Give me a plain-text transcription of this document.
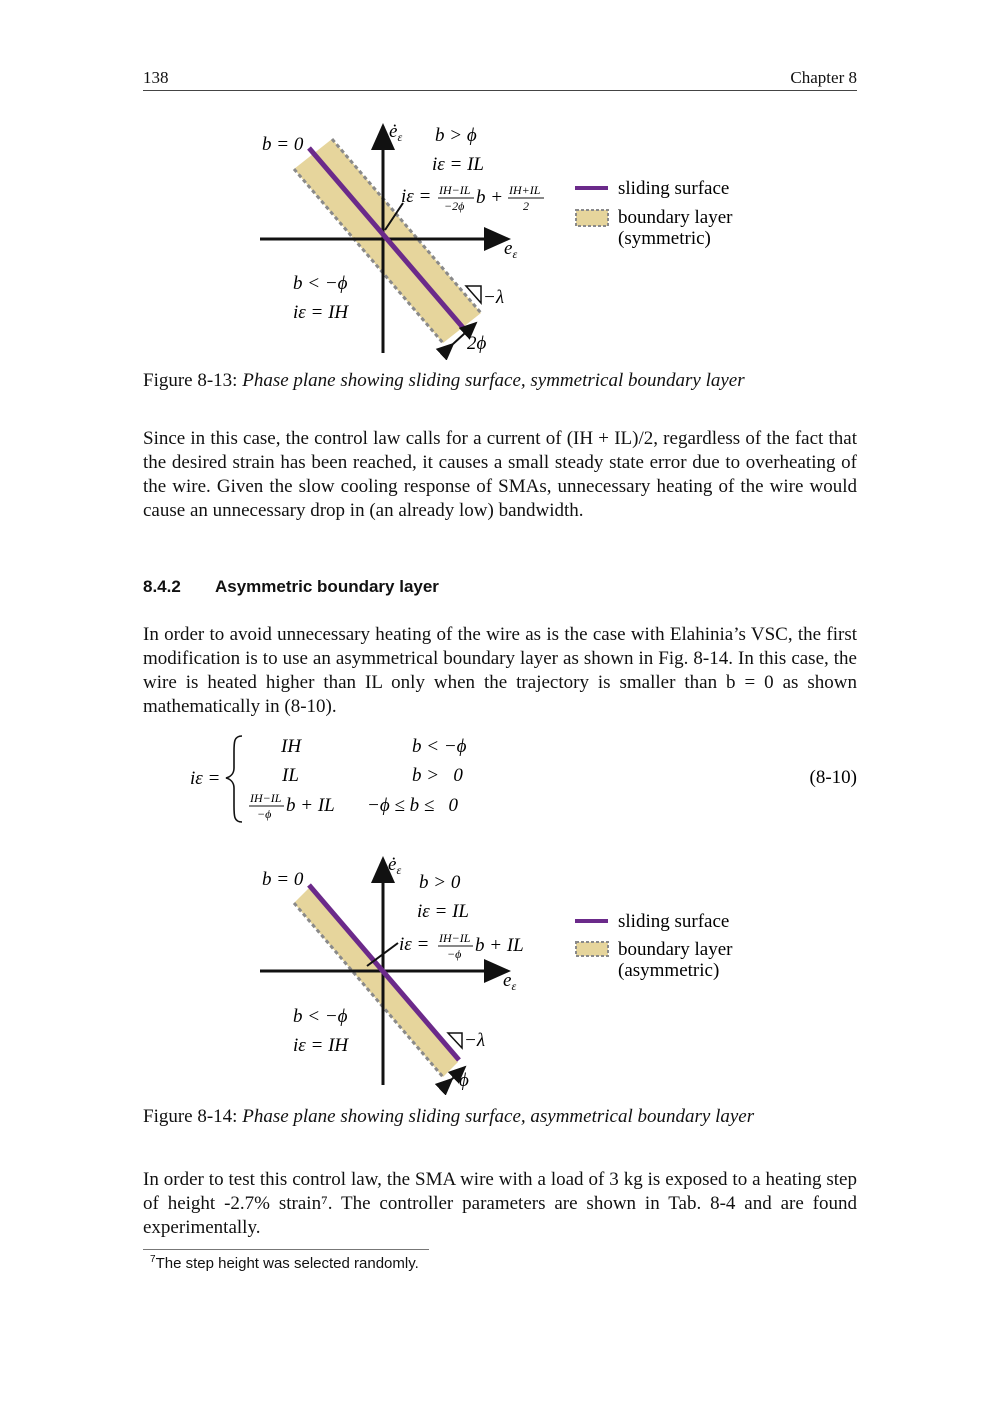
138	Chapter 8
b = 0
$ė_\varepsilon$
$e_\varepsilon$
b > ϕ
iε = IL
iε = IH−IL
−2ϕ b + IH+IL
2
b < −ϕ
iε = IH
−λ
2ϕ
sliding surface
boundary layer
(symmetric)
Figure 8-13: Phase plane showing sliding surface, symmetrical boundary layer

Since in this case, the control law calls for a current of (IH + IL)/2, regardless of the fact that the desired strain has been reached, it causes a small steady state error due to overheating of the wire. Given the slow cooling response of SMAs, unnecessary heating of the wire would cause an unnecessary drop in (an already low) bandwidth.

8.4.2 Asymmetric boundary layer

In order to avoid unnecessary heating of the wire as is the case with Elahinia’s VSC, the first modification is to use an asymmetrical boundary layer as shown in Fig. 8-14. In this case, the wire is heated higher than IL only when the trajectory is smaller than b = 0 as shown mathematically in (8-10).

iε =
IH	b < −ϕ
IL	b >   0
IH−IL
−ϕ b + IL −ϕ ≤ b ≤   0
(8-10)
b = 0
$ė_\varepsilon$
$e_\varepsilon$
b > 0
iε = IL
iε = IH−IL
−ϕ b + IL
b < −ϕ
iε = IH	−λ
ϕ
sliding surface
boundary layer
(asymmetric)
Figure 8-14: Phase plane showing sliding surface, asymmetrical boundary layer

In order to test this control law, the SMA wire with a load of 3 kg is exposed to a heating step of height -2.7% strain⁷. The controller parameters are shown in Tab. 8-4 and are found experimentally.

$^7$The step height was selected randomly.
